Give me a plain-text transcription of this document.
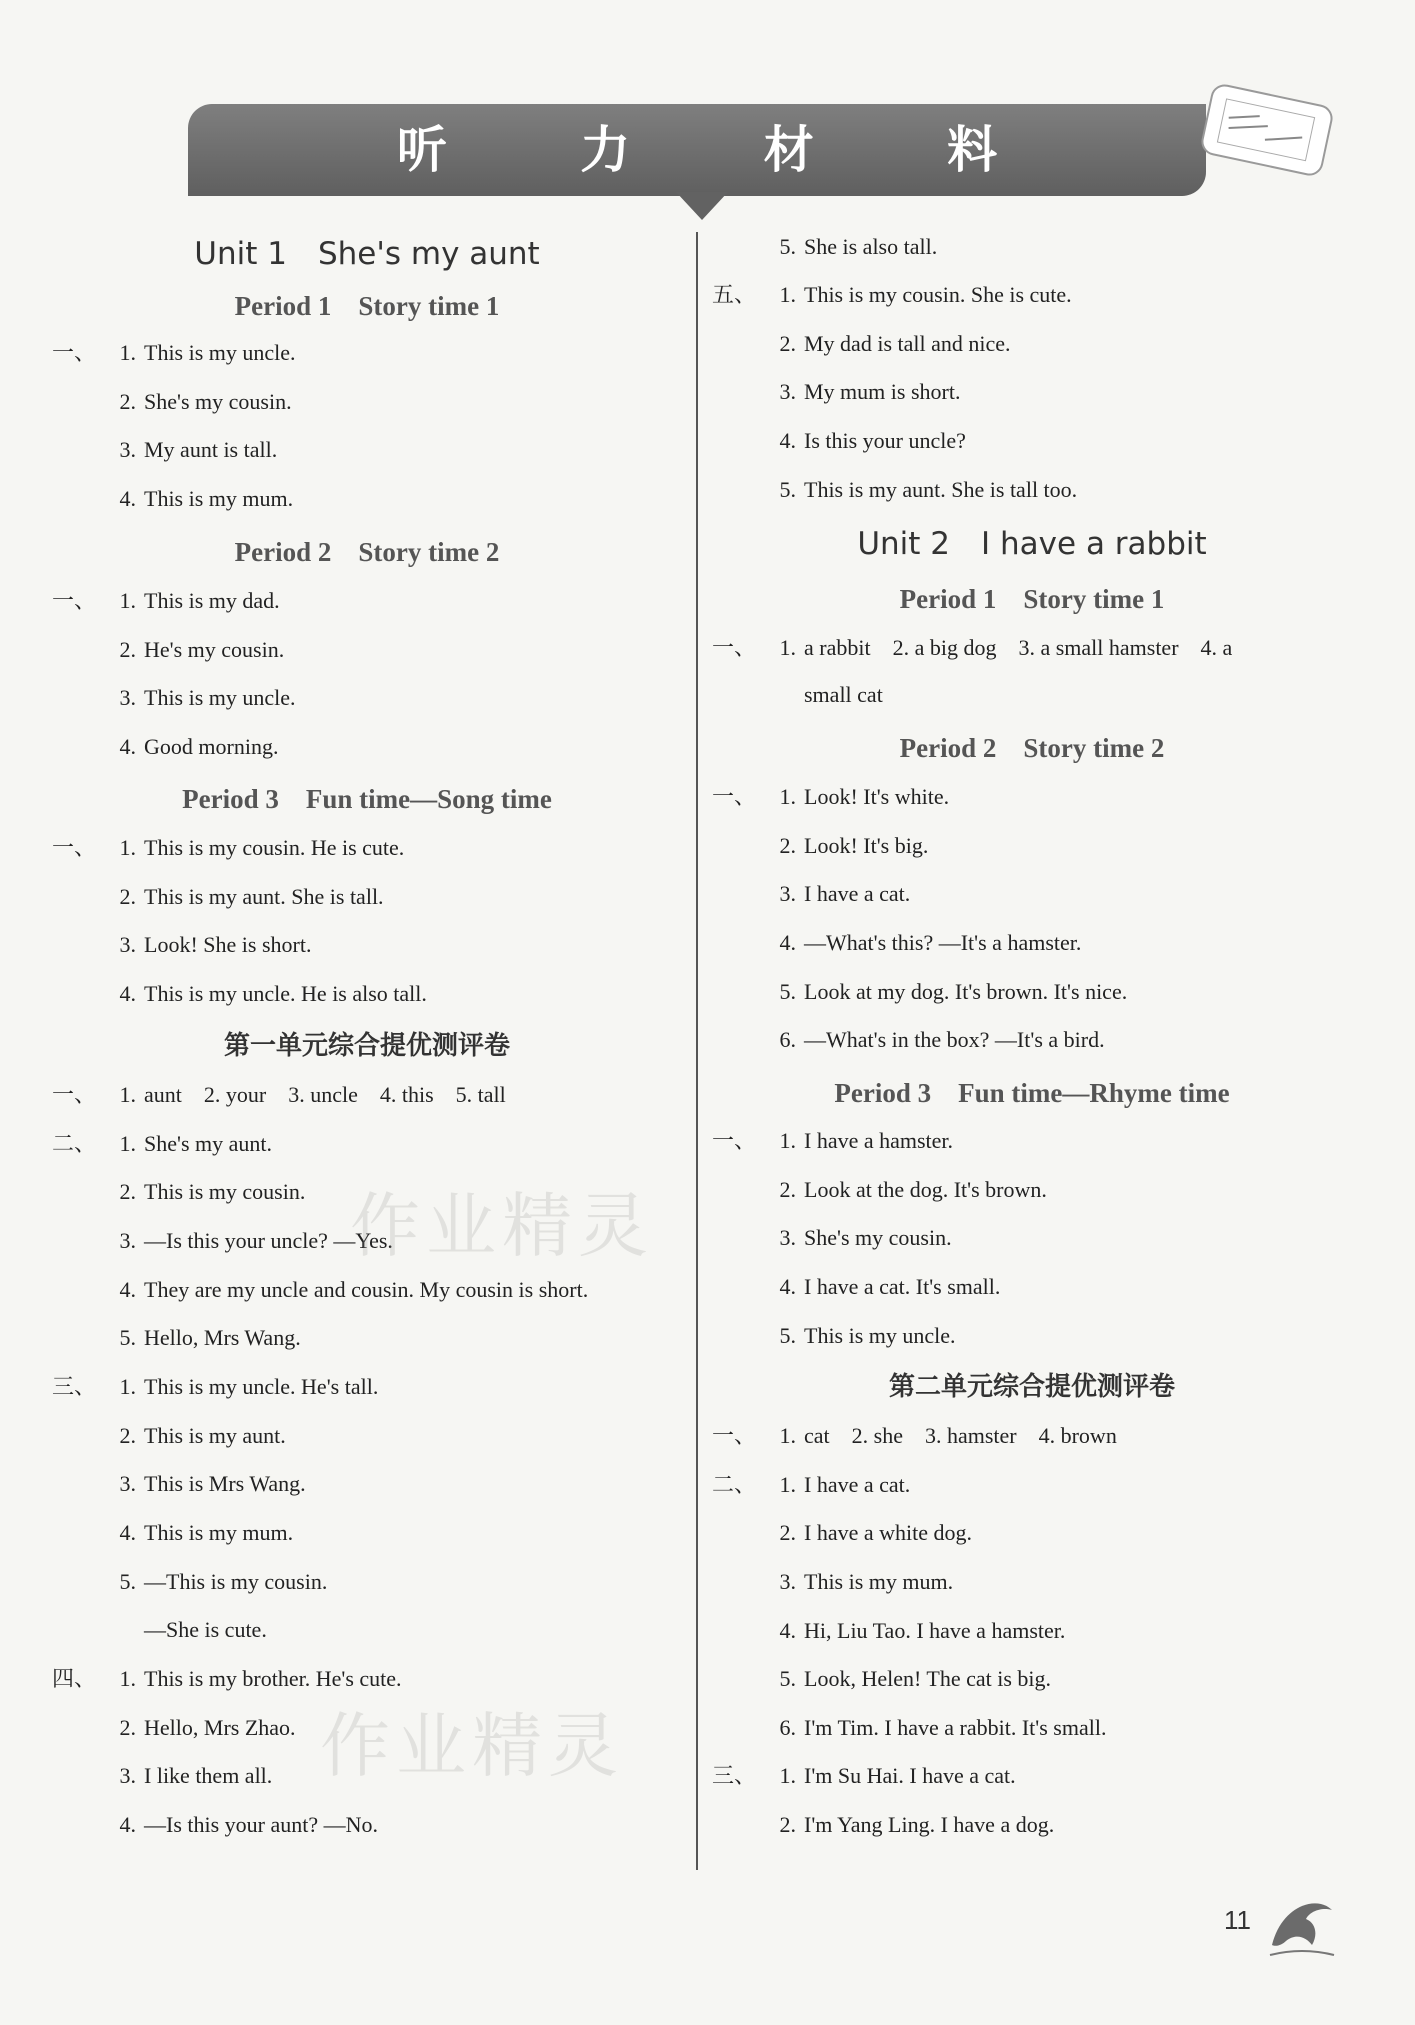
听 力 材 料
Unit 1　She's my aunt
Period 1　Story time 1
一、	1. This is my uncle.
2. She's my cousin.
3. My aunt is tall.
4. This is my mum.
Period 2　Story time 2
一、	1. This is my dad.
2. He's my cousin.
3. This is my uncle.
4. Good morning.
Period 3　Fun time—Song time
一、	1. This is my cousin. He is cute.
2. This is my aunt. She is tall.
3. Look! She is short.
4. This is my uncle. He is also tall.
第一单元综合提优测评卷
一、	1. aunt　2. your　3. uncle　4. this　5. tall
二、	1. She's my aunt.
2. This is my cousin.
3. —Is this your uncle? —Yes.
4. They are my uncle and cousin. My cousin is short.
5. Hello, Mrs Wang.
三、	1. This is my uncle. He's tall.
2. This is my aunt.
3. This is Mrs Wang.
4. This is my mum.
5. —This is my cousin.
—She is cute.
四、	1. This is my brother. He's cute.
2. Hello, Mrs Zhao.
3. I like them all.
4. —Is this your aunt? —No.
5. She is also tall.
五、	1. This is my cousin. She is cute.
2. My dad is tall and nice.
3. My mum is short.
4. Is this your uncle?
5. This is my aunt. She is tall too.
Unit 2　I have a rabbit
Period 1　Story time 1
一、	1. a rabbit　2. a big dog　3. a small hamster　4. a
small cat
Period 2　Story time 2
一、	1. Look! It's white.
2. Look! It's big.
3. I have a cat.
4. —What's this? —It's a hamster.
5. Look at my dog. It's brown. It's nice.
6. —What's in the box? —It's a bird.
Period 3　Fun time—Rhyme time
一、	1. I have a hamster.
2. Look at the dog. It's brown.
3. She's my cousin.
4. I have a cat. It's small.
5. This is my uncle.
第二单元综合提优测评卷
一、	1. cat　2. she　3. hamster　4. brown
二、	1. I have a cat.
2. I have a white dog.
3. This is my mum.
4. Hi, Liu Tao. I have a hamster.
5. Look, Helen! The cat is big.
6. I'm Tim. I have a rabbit. It's small.
三、	1. I'm Su Hai. I have a cat.
2. I'm Yang Ling. I have a dog.
作业精灵
作业精灵
11
